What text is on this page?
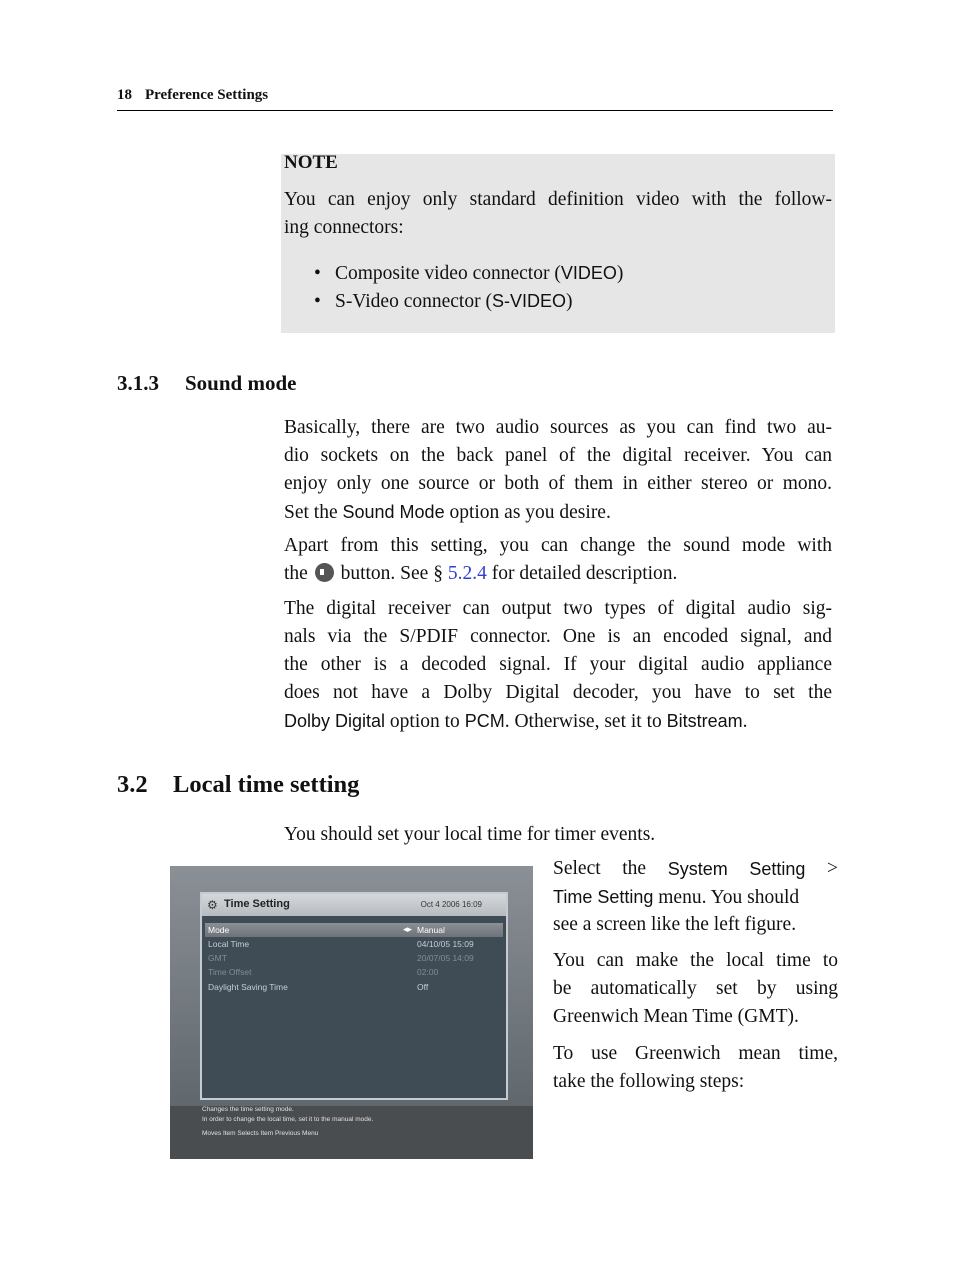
18 Preference Settings
NOTE
You can enjoy only standard definition video with the follow-
ing connectors:
• Composite video connector (VIDEO)
• S-Video connector (S-VIDEO)
3.1.3 Sound mode
Basically, there are two audio sources as you can find two au-
dio sockets on the back panel of the digital receiver. You can
enjoy only one source or both of them in either stereo or mono.
Set the Sound Mode option as you desire.
Apart from this setting, you can change the sound mode with
the  button. See § 5.2.4 for detailed description.
The digital receiver can output two types of digital audio sig-
nals via the S/PDIF connector. One is an encoded signal, and
the other is a decoded signal. If your digital audio appliance
does not have a Dolby Digital decoder, you have to set the
Dolby Digital option to PCM. Otherwise, set it to Bitstream.
3.2 Local time setting
You should set your local time for timer events.
⚙ Time Setting	Oct 4 2006 16:09
Mode	◂▸ Manual
Local Time	04/10/05 15:09
GMT	20/07/05 14:09
Time Offset	02:00
Daylight Saving Time	Off
Changes the time setting mode.
In order to change the local time, set it to the manual mode.
Moves Item Selects Item Previous Menu
Select the System Setting >
Time Setting menu. You should
see a screen like the left figure.
You can make the local time to
be automatically set by using
Greenwich Mean Time (GMT).
To use Greenwich mean time,
take the following steps:
